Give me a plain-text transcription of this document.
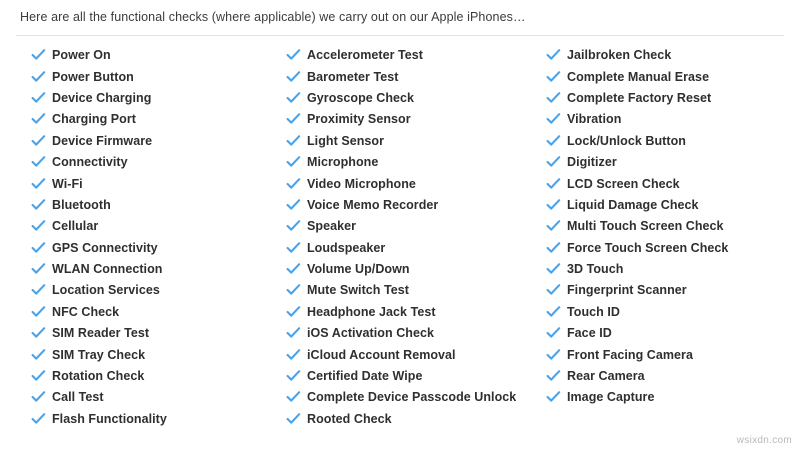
Here are all the functional checks (where applicable) we carry out on our Apple iPhones…
Power On
Power Button
Device Charging
Charging Port
Device Firmware
Connectivity
Wi-Fi
Bluetooth
Cellular
GPS Connectivity
WLAN Connection
Location Services
NFC Check
SIM Reader Test
SIM Tray Check
Rotation Check
Call Test
Flash Functionality
Accelerometer Test
Barometer Test
Gyroscope Check
Proximity Sensor
Light Sensor
Microphone
Video Microphone
Voice Memo Recorder
Speaker
Loudspeaker
Volume Up/Down
Mute Switch Test
Headphone Jack Test
iOS Activation Check
iCloud Account Removal
Certified Date Wipe
Complete Device Passcode Unlock
Rooted Check
Jailbroken Check
Complete Manual Erase
Complete Factory Reset
Vibration
Lock/Unlock Button
Digitizer
LCD Screen Check
Liquid Damage Check
Multi Touch Screen Check
Force Touch Screen Check
3D Touch
Fingerprint Scanner
Touch ID
Face ID
Front Facing Camera
Rear Camera
Image Capture
wsixdn.com
